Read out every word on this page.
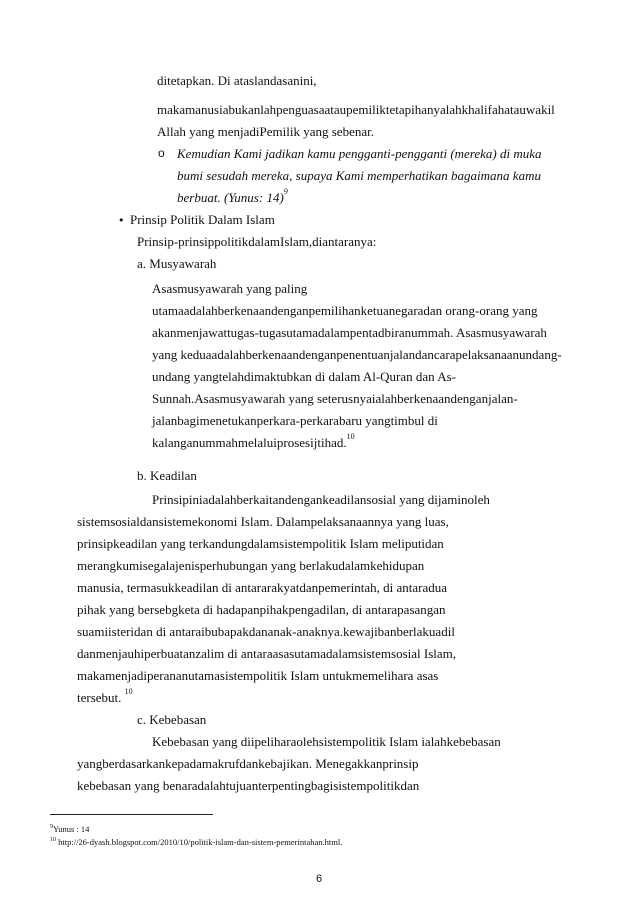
ditetapkan. Di ataslandasanini,
makamanusiabukanlahpenguasaataupemiliktetapihanyalahkhalifahatauwakil
Allah yang menjadiPemilik yang sebenar.
o Kemudian Kami jadikan kamu pengganti-pengganti (mereka) di muka
bumi sesudah mereka, supaya Kami memperhatikan bagaimana kamu
berbuat. (Yunus: 14)$^9$
• Prinsip Politik Dalam Islam
Prinsip-prinsippolitikdalamIslam,diantaranya:
a. Musyawarah
Asasmusyawarah yang paling
utamaadalahberkenaandenganpemilihanketuanegaradan orang-orang yang
akanmenjawattugas-tugasutamadalampentadbiranummah. Asasmusyawarah
yang keduaadalahberkenaandenganpenentuanjalandancarapelaksanaanundang-
undang yangtelahdimaktubkan di dalam Al-Quran dan As-
Sunnah.Asasmusyawarah yang seterusnyaialahberkenaandenganjalan-
jalanbagimenetukanperkara-perkarabaru yangtimbul di
kalanganummahmelaluiprosesijtihad.$^{10}$
b. Keadilan
Prinsipiniadalahberkaitandengankeadilansosial yang dijaminoleh
sistemsosialdansistemekonomi Islam. Dalampelaksanaannya yang luas,
prinsipkeadilan yang terkandungdalamsistempolitik Islam meliputidan
merangkumisegalajenisperhubungan yang berlakudalamkehidupan
manusia, termasukkeadilan di antararakyatdanpemerintah, di antaradua
pihak yang bersebgketa di hadapanpihakpengadilan, di antarapasangan
suamiisteridan di antaraibubapakdananak-anaknya.kewajibanberlakuadil
danmenjauhiperbuatanzalim di antaraasasutamadalamsistemsosial Islam,
makamenjadiperananutamasistempolitik Islam untukmemelihara asas
tersebut. $^{10}$
c. Kebebasan
Kebebasan yang diipeliharaolehsistempolitik Islam ialahkebebasan
yangberdasarkankepadamakrufdankebajikan. Menegakkanprinsip
kebebasan yang benaradalahtujuanterpentingbagisistempolitikdan
$^9$Yunus : 14
$^{10}$ http://26-dyash.blogspot.com/2010/10/politik-islam-dan-sistem-pemerintahan.html.
6
